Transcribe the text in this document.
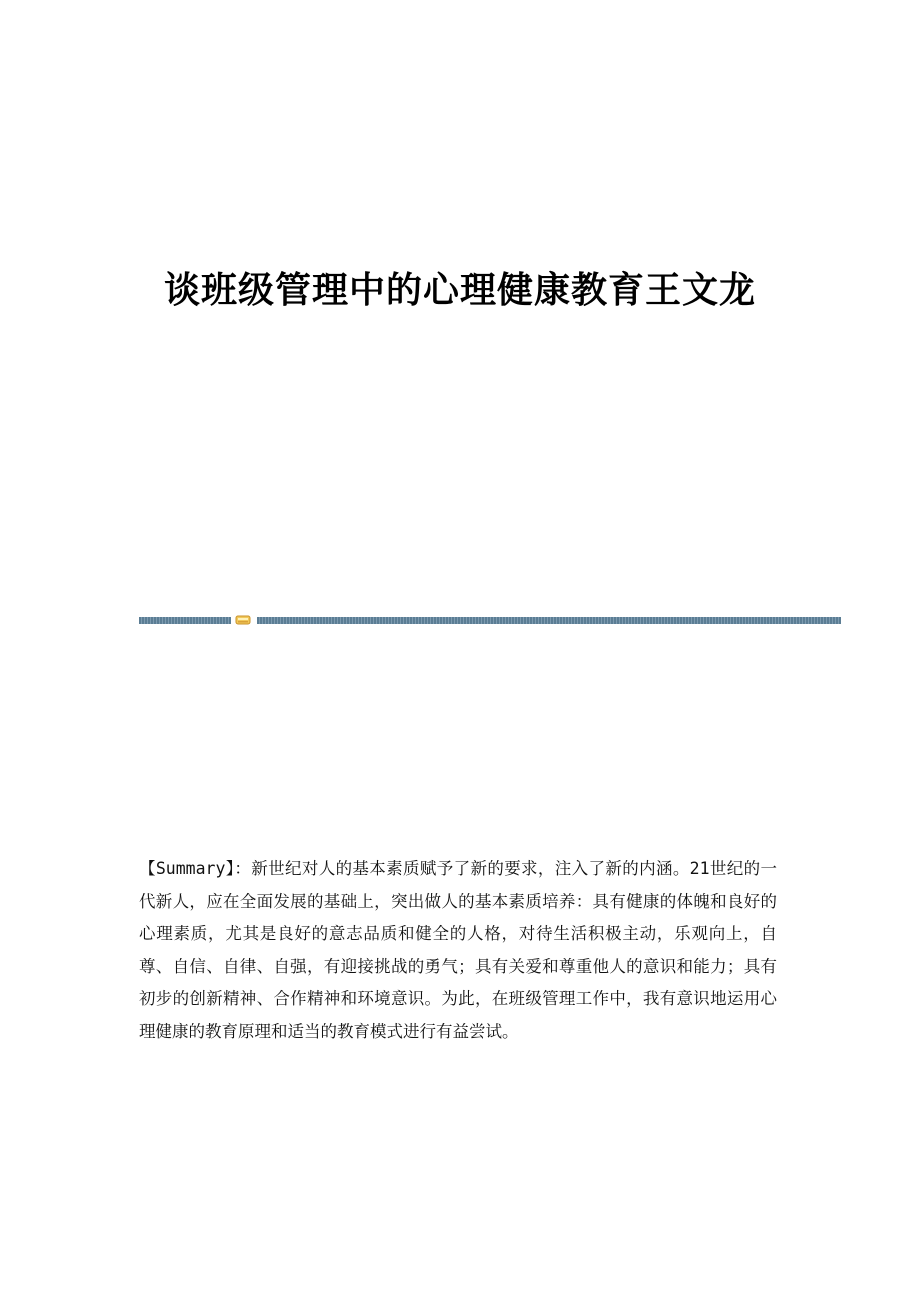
谈班级管理中的心理健康教育王文龙

【Summary】：新世纪对人的基本素质赋予了新的要求，注入了新的内涵。21世纪的一代新人，应在全面发展的基础上，突出做人的基本素质培养：具有健康的体魄和良好的心理素质，尤其是良好的意志品质和健全的人格，对待生活积极主动，乐观向上，自尊、自信、自律、自强，有迎接挑战的勇气；具有关爱和尊重他人的意识和能力；具有初步的创新精神、合作精神和环境意识。为此，在班级管理工作中，我有意识地运用心理健康的教育原理和适当的教育模式进行有益尝试。
